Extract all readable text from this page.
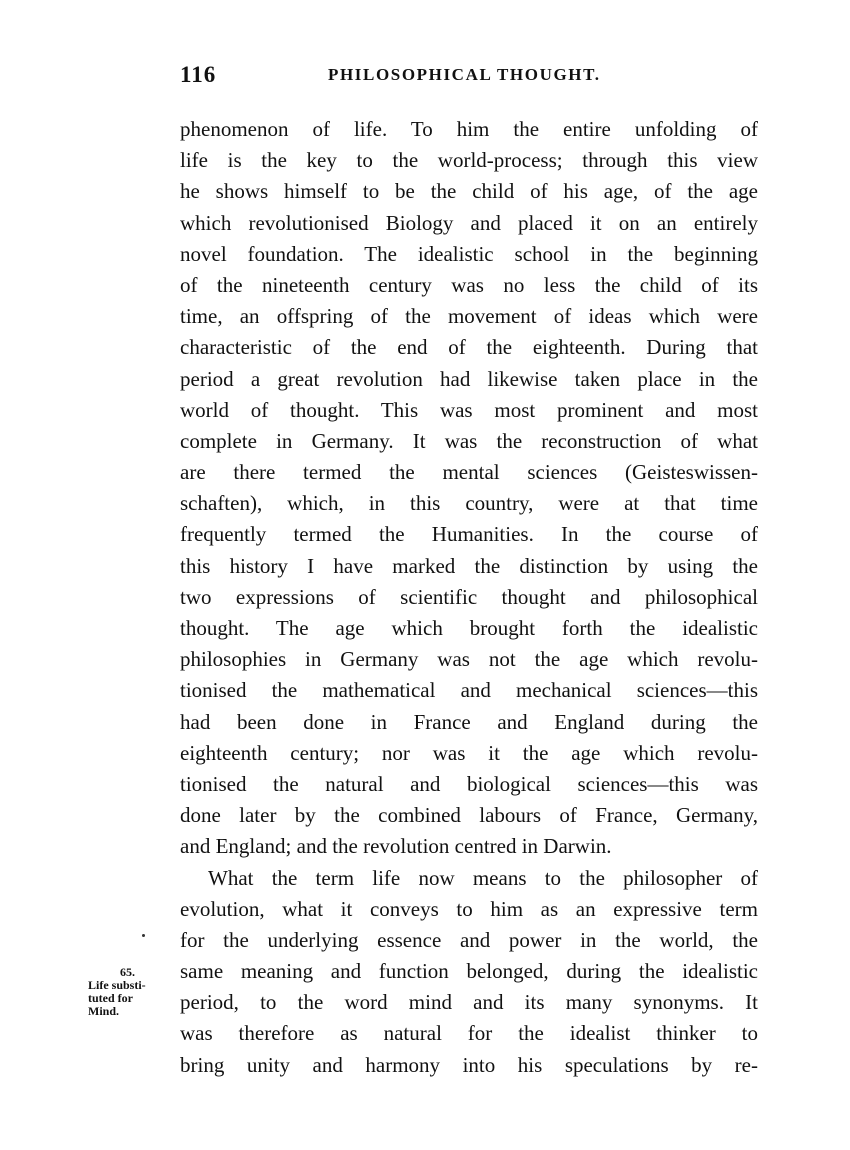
116	PHILOSOPHICAL THOUGHT.
phenomenon of life. To him the entire unfolding of
life is the key to the world-process; through this view
he shows himself to be the child of his age, of the age
which revolutionised Biology and placed it on an entirely
novel foundation. The idealistic school in the beginning
of the nineteenth century was no less the child of its
time, an offspring of the movement of ideas which were
characteristic of the end of the eighteenth. During that
period a great revolution had likewise taken place in the
world of thought. This was most prominent and most
complete in Germany. It was the reconstruction of what
are there termed the mental sciences (Geisteswissen-
schaften), which, in this country, were at that time
frequently termed the Humanities. In the course of
this history I have marked the distinction by using the
two expressions of scientific thought and philosophical
thought. The age which brought forth the idealistic
philosophies in Germany was not the age which revolu-
tionised the mathematical and mechanical sciences—this
had been done in France and England during the
eighteenth century; nor was it the age which revolu-
tionised the natural and biological sciences—this was
done later by the combined labours of France, Germany,
and England; and the revolution centred in Darwin.
What the term life now means to the philosopher of
evolution, what it conveys to him as an expressive term
for the underlying essence and power in the world, the
same meaning and function belonged, during the idealistic
period, to the word mind and its many synonyms. It
was therefore as natural for the idealist thinker to
bring unity and harmony into his speculations by re-
65.
Life substi-
tuted for
Mind.
